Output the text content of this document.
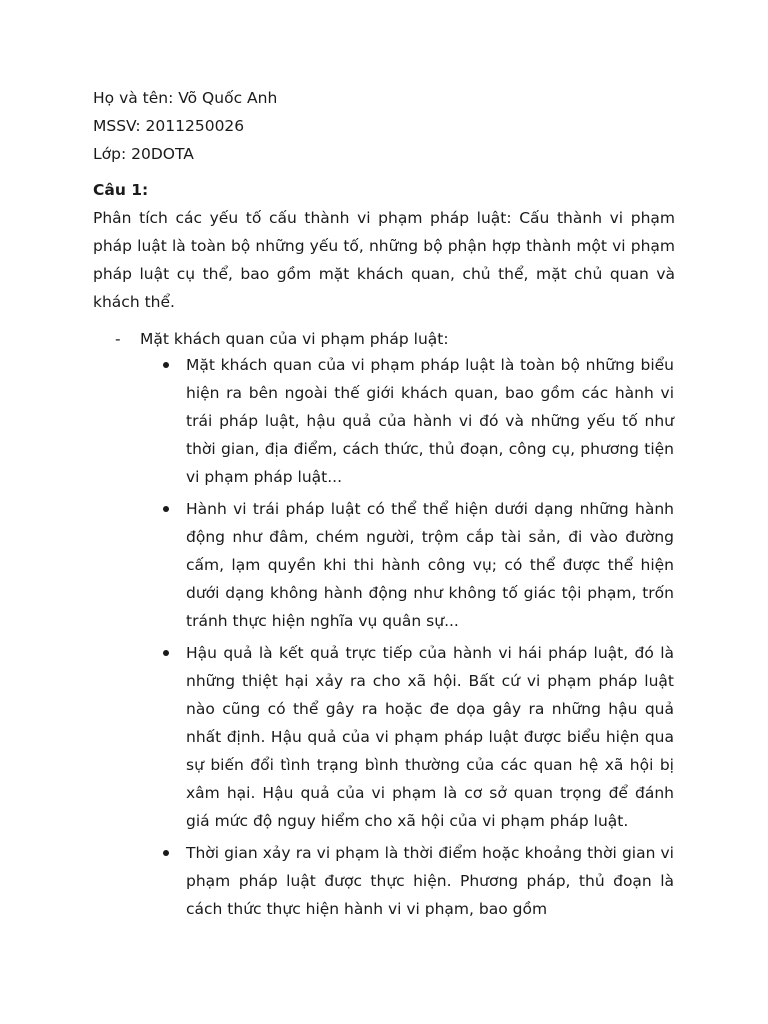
Họ và tên: Võ Quốc Anh
MSSV: 2011250026
Lớp: 20DOTA
Câu 1:
Phân tích các yếu tố cấu thành vi phạm pháp luật: Cấu thành vi phạm pháp luật là toàn bộ những yếu tố, những bộ phận hợp thành một vi phạm pháp luật cụ thể, bao gồm mặt khách quan, chủ thể, mặt chủ quan và khách thể.
- Mặt khách quan của vi phạm pháp luật:
Mặt khách quan của vi phạm pháp luật là toàn bộ những biểu hiện ra bên ngoài thế giới khách quan, bao gồm các hành vi trái pháp luật, hậu quả của hành vi đó và những yếu tố như thời gian, địa điểm, cách thức, thủ đoạn, công cụ, phương tiện vi phạm pháp luật...
Hành vi trái pháp luật có thể thể hiện dưới dạng những hành động như đâm, chém người, trộm cắp tài sản, đi vào đường cấm, lạm quyền khi thi hành công vụ; có thể được thể hiện dưới dạng không hành động như không tố giác tội phạm, trốn tránh thực hiện nghĩa vụ quân sự...
Hậu quả là kết quả trực tiếp của hành vi hái pháp luật, đó là những thiệt hại xảy ra cho xã hội. Bất cứ vi phạm pháp luật nào cũng có thể gây ra hoặc đe dọa gây ra những hậu quả nhất định. Hậu quả của vi phạm pháp luật được biểu hiện qua sự biến đổi tình trạng bình thường của các quan hệ xã hội bị xâm hại. Hậu quả của vi phạm là cơ sở quan trọng để đánh giá mức độ nguy hiểm cho xã hội của vi phạm pháp luật.
Thời gian xảy ra vi phạm là thời điểm hoặc khoảng thời gian vi phạm pháp luật được thực hiện. Phương pháp, thủ đoạn là cách thức thực hiện hành vi vi phạm, bao gồm
